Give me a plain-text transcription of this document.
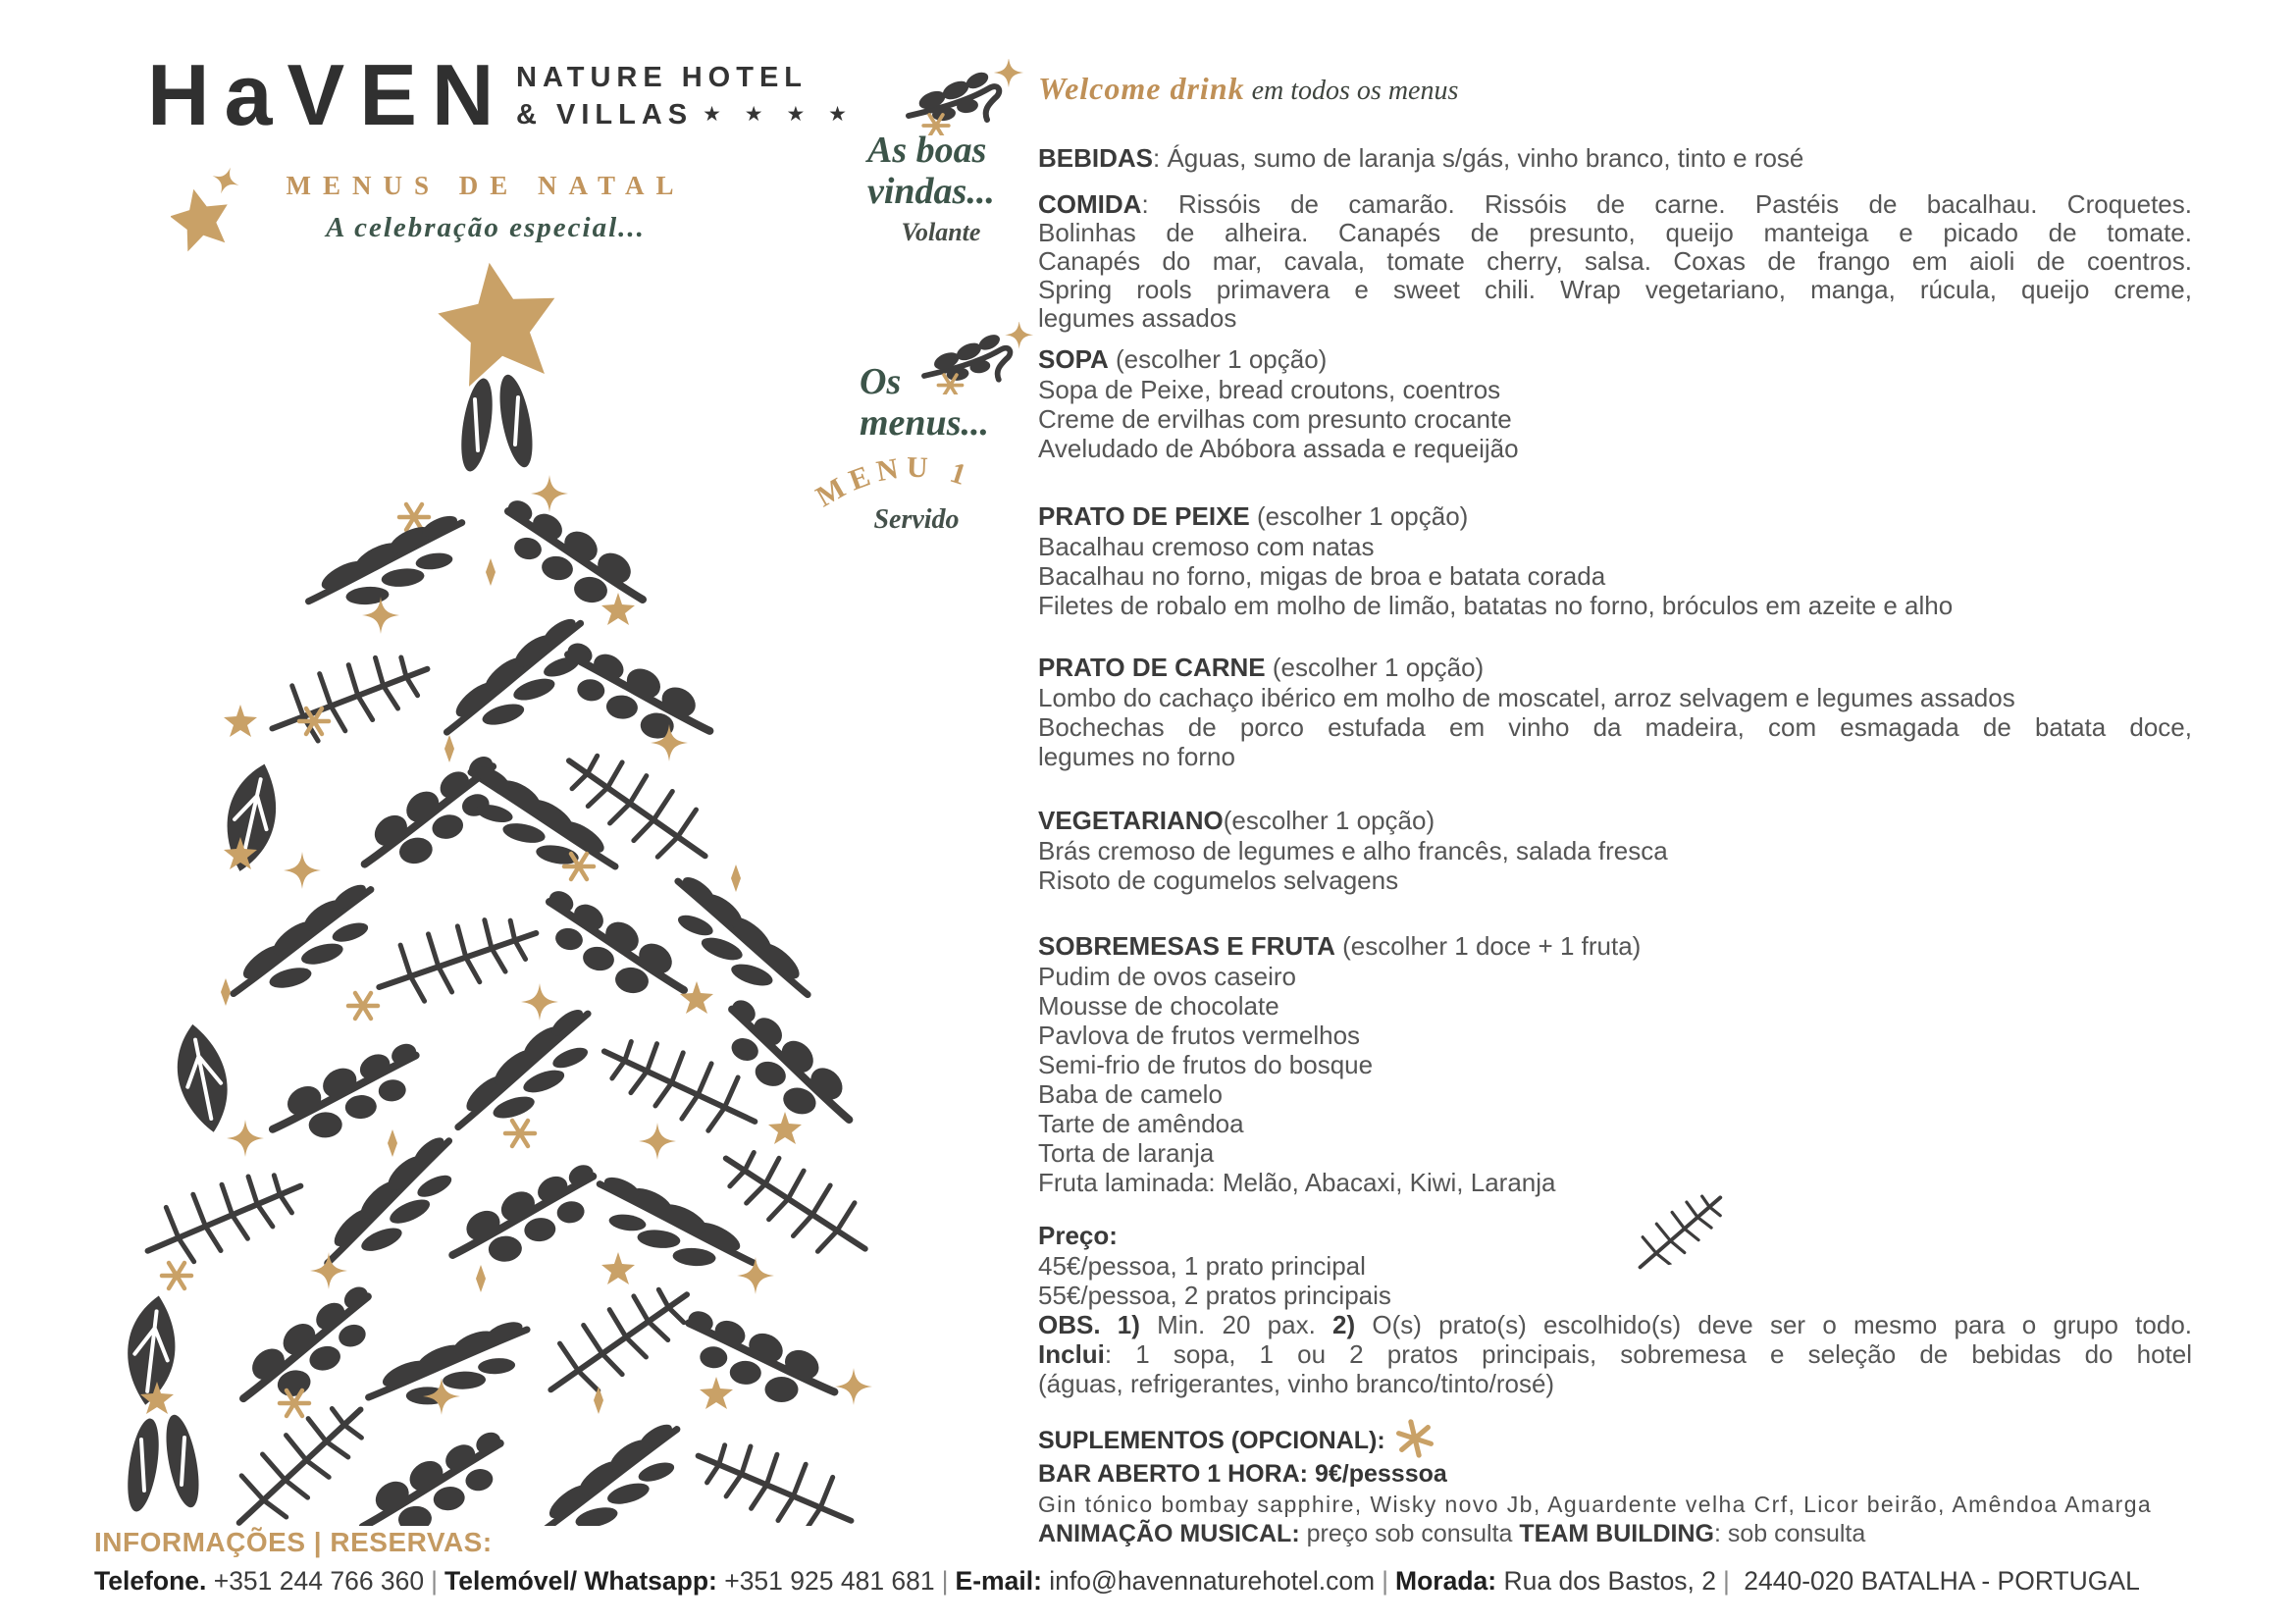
HaVEN NATURE HOTEL
& VILLAS ★ ★ ★ ★
MENUS DE NATAL
A celebração especial...
As boas
vindas...
Volante
Os
menus...
MENU 1
Servido
Welcome drink em todos os menus
BEBIDAS: Águas, sumo de laranja s/gás, vinho branco, tinto e rosé
COMIDA: Rissóis de camarão. Rissóis de carne. Pastéis de bacalhau. Croquetes.
Bolinhas de alheira. Canapés de presunto, queijo manteiga e picado de tomate.
Canapés do mar, cavala, tomate cherry, salsa. Coxas de frango em aioli de coentros.
Spring rools primavera e sweet chili. Wrap vegetariano, manga, rúcula, queijo creme,
legumes assados
SOPA (escolher 1 opção)
Sopa de Peixe, bread croutons, coentros
Creme de ervilhas com presunto crocante
Aveludado de Abóbora assada e requeijão
PRATO DE PEIXE (escolher 1 opção)
Bacalhau cremoso com natas
Bacalhau no forno, migas de broa e batata corada
Filetes de robalo em molho de limão, batatas no forno, bróculos em azeite e alho
PRATO DE CARNE (escolher 1 opção)
Lombo do cachaço ibérico em molho de moscatel, arroz selvagem e legumes assados
Bochechas de porco estufada em vinho da madeira, com esmagada de batata doce,
legumes no forno
VEGETARIANO(escolher 1 opção)
Brás cremoso de legumes e alho francês, salada fresca
Risoto de cogumelos selvagens
SOBREMESAS E FRUTA (escolher 1 doce + 1 fruta)
Pudim de ovos caseiro
Mousse de chocolate
Pavlova de frutos vermelhos
Semi-frio de frutos do bosque
Baba de camelo
Tarte de amêndoa
Torta de laranja
Fruta laminada: Melão, Abacaxi, Kiwi, Laranja
Preço:
45€/pessoa, 1 prato principal
55€/pessoa, 2 pratos principais
OBS. 1) Min. 20 pax. 2) O(s) prato(s) escolhido(s) deve ser o mesmo para o grupo todo.
Inclui: 1 sopa, 1 ou 2 pratos principais, sobremesa e seleção de bebidas do hotel
(águas, refrigerantes, vinho branco/tinto/rosé)
SUPLEMENTOS (OPCIONAL):
BAR ABERTO 1 HORA: 9€/pesssoa
Gin tónico bombay sapphire, Wisky novo Jb, Aguardente velha Crf, Licor beirão, Amêndoa Amarga
ANIMAÇÃO MUSICAL: preço sob consulta TEAM BUILDING: sob consulta
INFORMAÇÕES | RESERVAS:
Telefone. +351 244 766 360 | Telemóvel/ Whatsapp: +351 925 481 681 | E-mail: info@havennaturehotel.com | Morada: Rua dos Bastos, 2 | 2440-020 BATALHA - PORTUGAL
